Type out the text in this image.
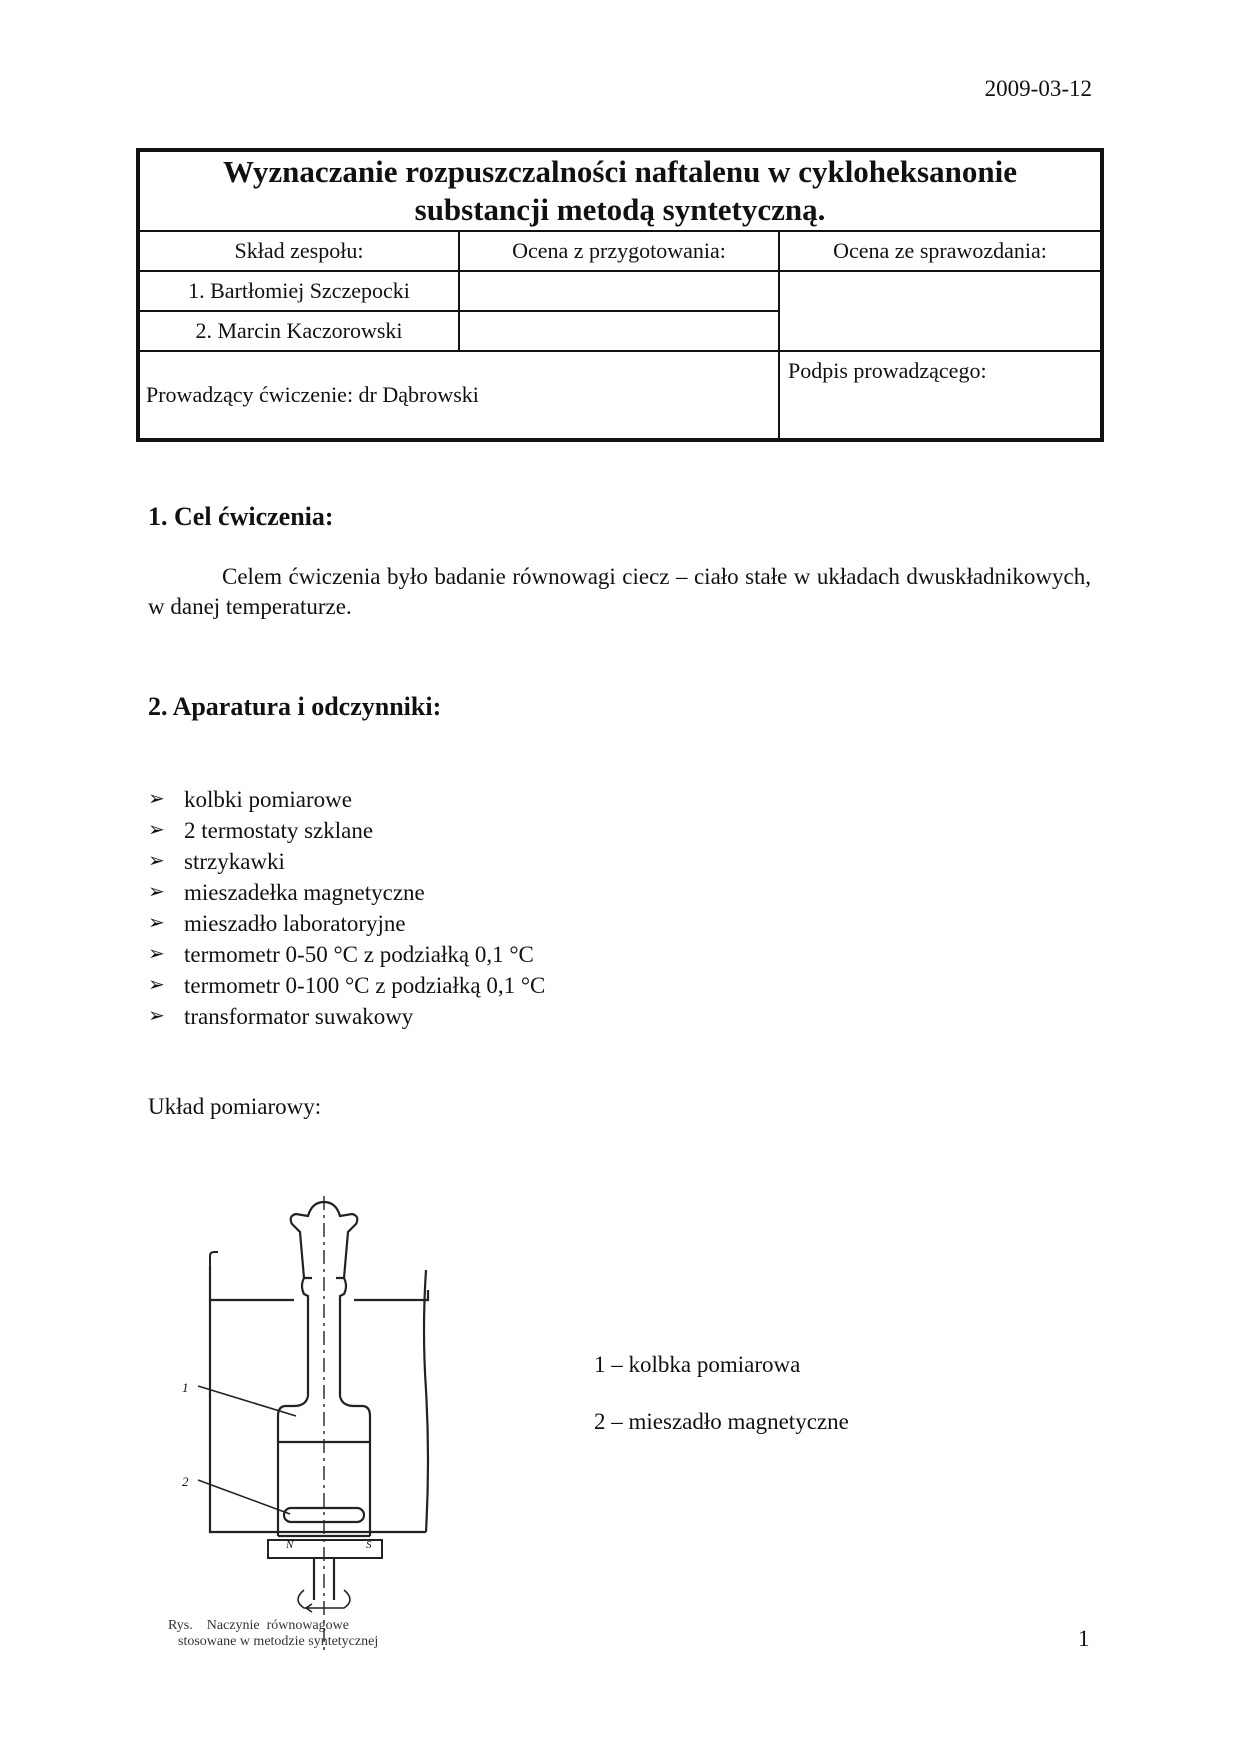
2009-03-12
Wyznaczanie rozpuszczalności naftalenu w cykloheksanonie
substancji metodą syntetyczną.		

Skład zespołu:	Ocena z przygotowania:	Ocena ze sprawozdania:
1. Bartłomiej Szczepocki		
2. Marcin Kaczorowski		
Prowadzący ćwiczenie: dr Dąbrowski		Podpis prowadzącego:
1. Cel ćwiczenia:
Celem ćwiczenia było badanie równowagi ciecz – ciało stałe w układach dwuskładnikowych, w danej temperaturze.
2. Aparatura i odczynniki:
➢ kolbki pomiarowe
➢ 2 termostaty szklane
➢ strzykawki
➢ mieszadełka magnetyczne
➢ mieszadło laboratoryjne
➢ termometr 0-50 °C z podziałką 0,1 °C
➢ termometr 0-100 °C z podziałką 0,1 °C
➢ transformator suwakowy
Układ pomiarowy:
1
2
N	S
Rys.    Naczynie  równowagowe
stosowane w metodzie syntetycznej
1 – kolbka pomiarowa
2 – mieszadło magnetyczne
1
